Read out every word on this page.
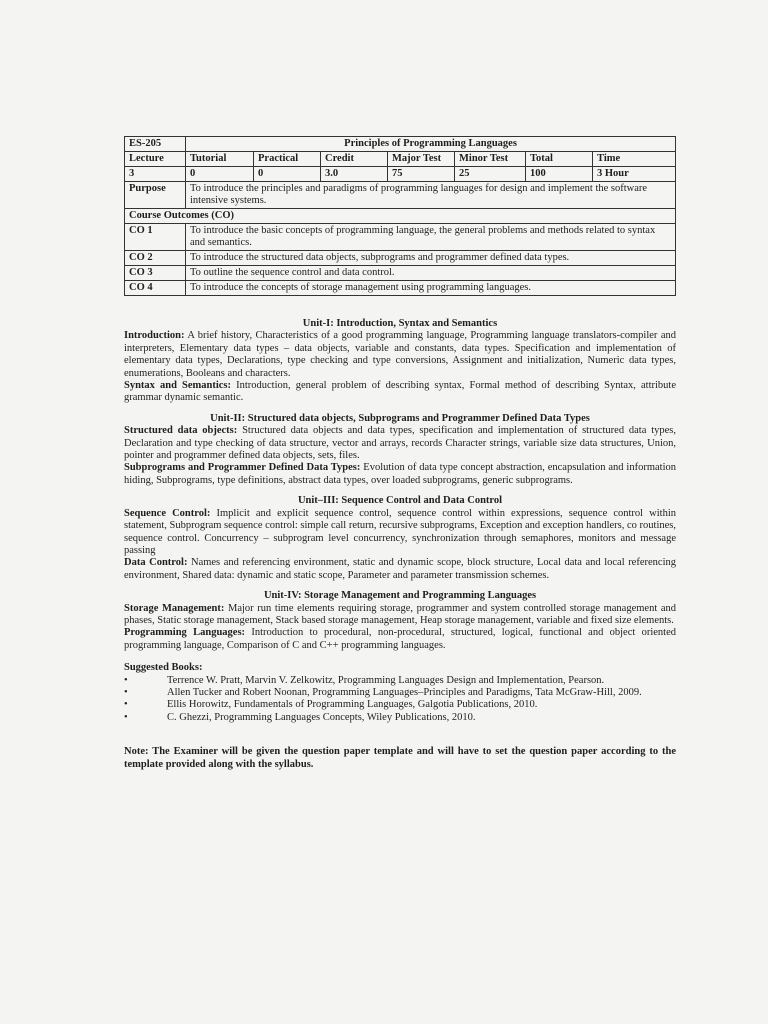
ES-205	Principles of Programming Languages						
Lecture	Tutorial	Practical	Credit	Major Test	Minor Test	Total	Time
3	0	0	3.0	75	25	100	3 Hour
Purpose	To introduce the principles and paradigms of programming languages for design and implement the software intensive systems.						
Course Outcomes (CO)							
CO 1	To introduce the basic concepts of programming language, the general problems and methods related to syntax and semantics.						
CO 2	To introduce the structured data objects, subprograms and programmer defined data types.						
CO 3	To outline the sequence control and data control.						
CO 4	To introduce the concepts of storage management using programming languages.						

Unit-I: Introduction, Syntax and Semantics

Introduction: A brief history, Characteristics of a good programming language, Programming language translators-compiler and interpreters, Elementary data types – data objects, variable and constants, data types. Specification and implementation of elementary data types, Declarations, type checking and type conversions, Assignment and initialization, Numeric data types, enumerations, Booleans and characters.

Syntax and Semantics: Introduction, general problem of describing syntax, Formal method of describing Syntax, attribute grammar dynamic semantic.

Unit-II: Structured data objects, Subprograms and Programmer Defined Data Types

Structured data objects: Structured data objects and data types, specification and implementation of structured data types, Declaration and type checking of data structure, vector and arrays, records Character strings, variable size data structures, Union, pointer and programmer defined data objects, sets, files.

Subprograms and Programmer Defined Data Types: Evolution of data type concept abstraction, encapsulation and information hiding, Subprograms, type definitions, abstract data types, over loaded subprograms, generic subprograms.

Unit–III: Sequence Control and Data Control

Sequence Control: Implicit and explicit sequence control, sequence control within expressions, sequence control within statement, Subprogram sequence control: simple call return, recursive subprograms, Exception and exception handlers, co routines, sequence control. Concurrency – subprogram level concurrency, synchronization through semaphores, monitors and message passing

Data Control: Names and referencing environment, static and dynamic scope, block structure, Local data and local referencing environment, Shared data: dynamic and static scope, Parameter and parameter transmission schemes.

Unit-IV: Storage Management and Programming Languages

Storage Management: Major run time elements requiring storage, programmer and system controlled storage management and phases, Static storage management, Stack based storage management, Heap storage management, variable and fixed size elements.

Programming Languages: Introduction to procedural, non-procedural, structured, logical, functional and object oriented programming language, Comparison of C and C++ programming languages.

Suggested Books:

•	Terrence W. Pratt, Marvin V. Zelkowitz, Programming Languages Design and Implementation, Pearson.
•	Allen Tucker and Robert Noonan, Programming Languages–Principles and Paradigms, Tata McGraw-Hill, 2009.
•	Ellis Horowitz, Fundamentals of Programming Languages, Galgotia Publications, 2010.
•	C. Ghezzi, Programming Languages Concepts, Wiley Publications, 2010.

Note: The Examiner will be given the question paper template and will have to set the question paper according to the template provided along with the syllabus.
